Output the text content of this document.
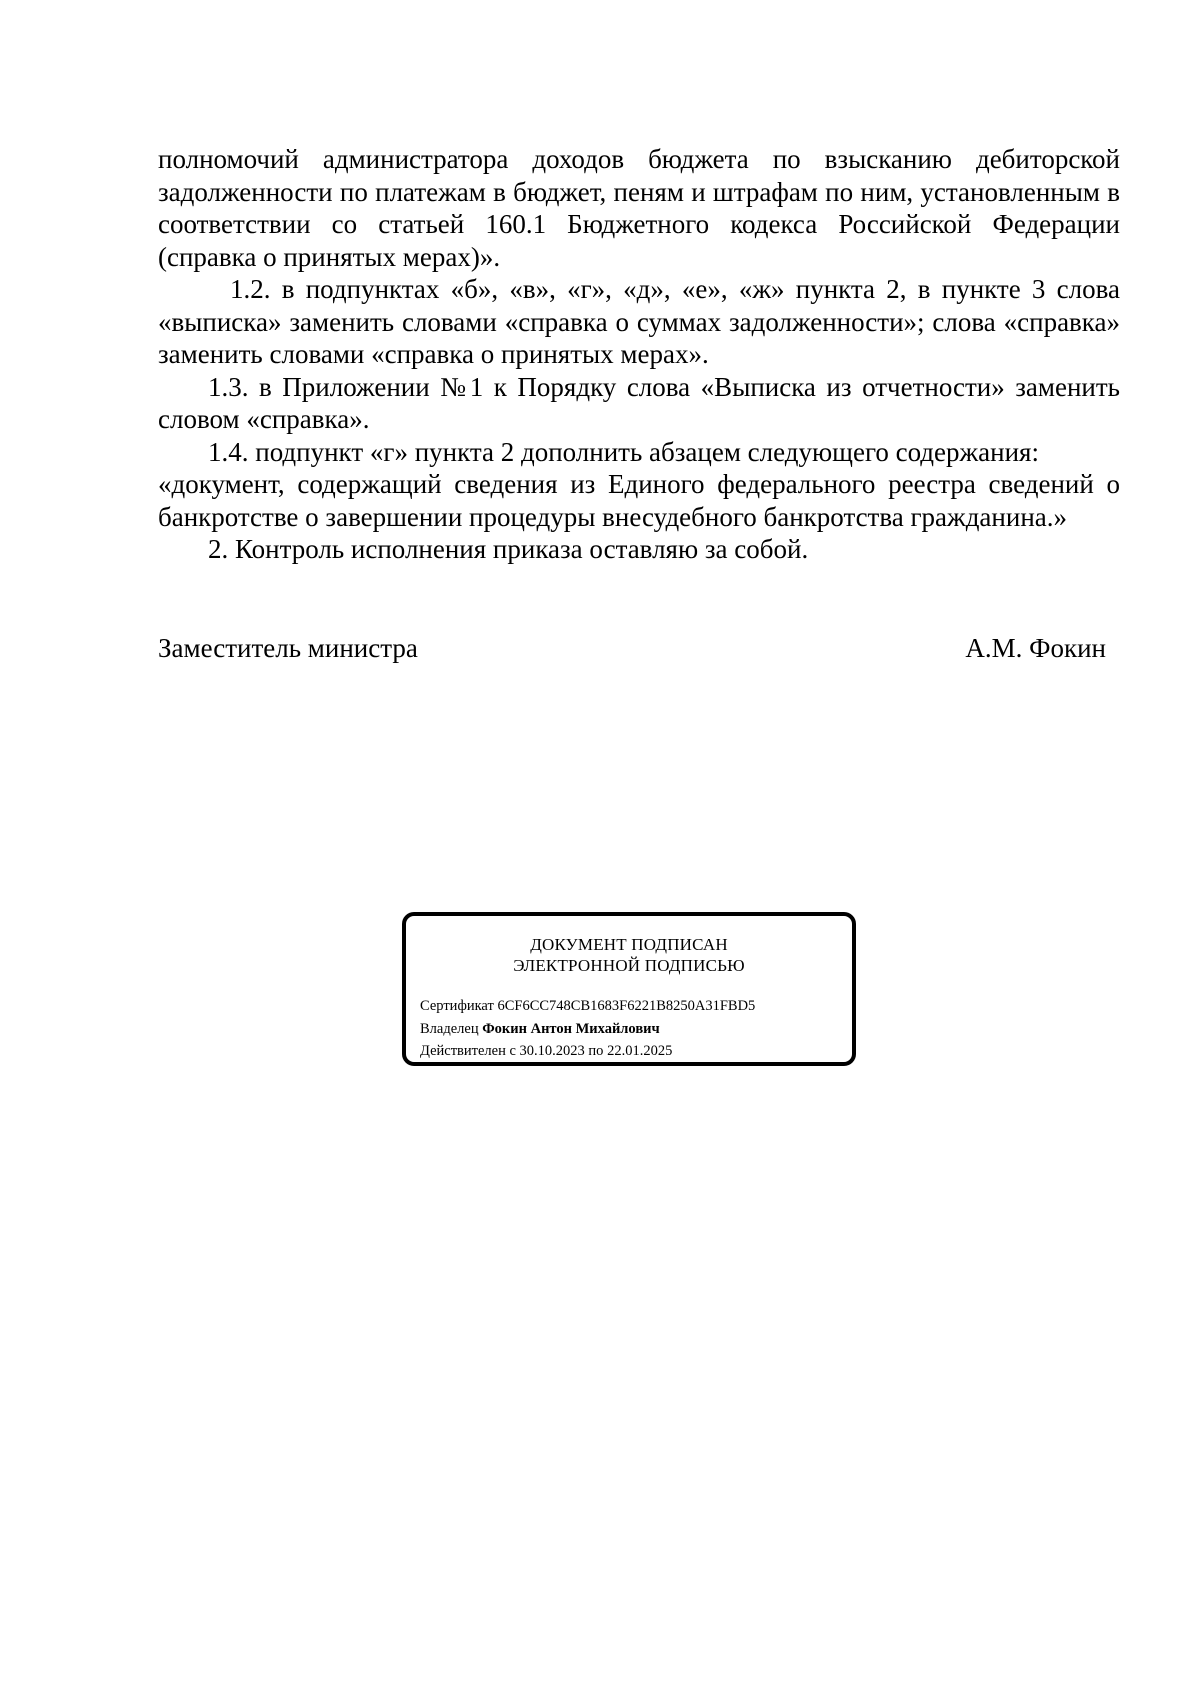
полномочий администратора доходов бюджета по взысканию дебиторской задолженности по платежам в бюджет, пеням и штрафам по ним, установленным в соответствии со статьей 160.1 Бюджетного кодекса Российской Федерации (справка о принятых мерах)».

1.2. в подпунктах «б», «в», «г», «д», «е», «ж» пункта 2, в пункте 3 слова «выписка» заменить словами «справка о суммах задолженности»; слова «справка» заменить словами «справка о принятых мерах».

1.3. в Приложении №1 к Порядку слова «Выписка из отчетности» заменить словом «справка».

1.4. подпункт «г» пункта 2 дополнить абзацем следующего содержания:

«документ, содержащий сведения из Единого федерального реестра сведений о банкротстве о завершении процедуры внесудебного банкротства гражданина.»

2. Контроль исполнения приказа оставляю за собой.

Заместитель министра	А.М. Фокин
ДОКУМЕНТ ПОДПИСАН
ЭЛЕКТРОННОЙ ПОДПИСЬЮ
Сертификат 6CF6CC748CB1683F6221B8250A31FBD5
Владелец Фокин Антон Михайлович
Действителен с 30.10.2023 по 22.01.2025
